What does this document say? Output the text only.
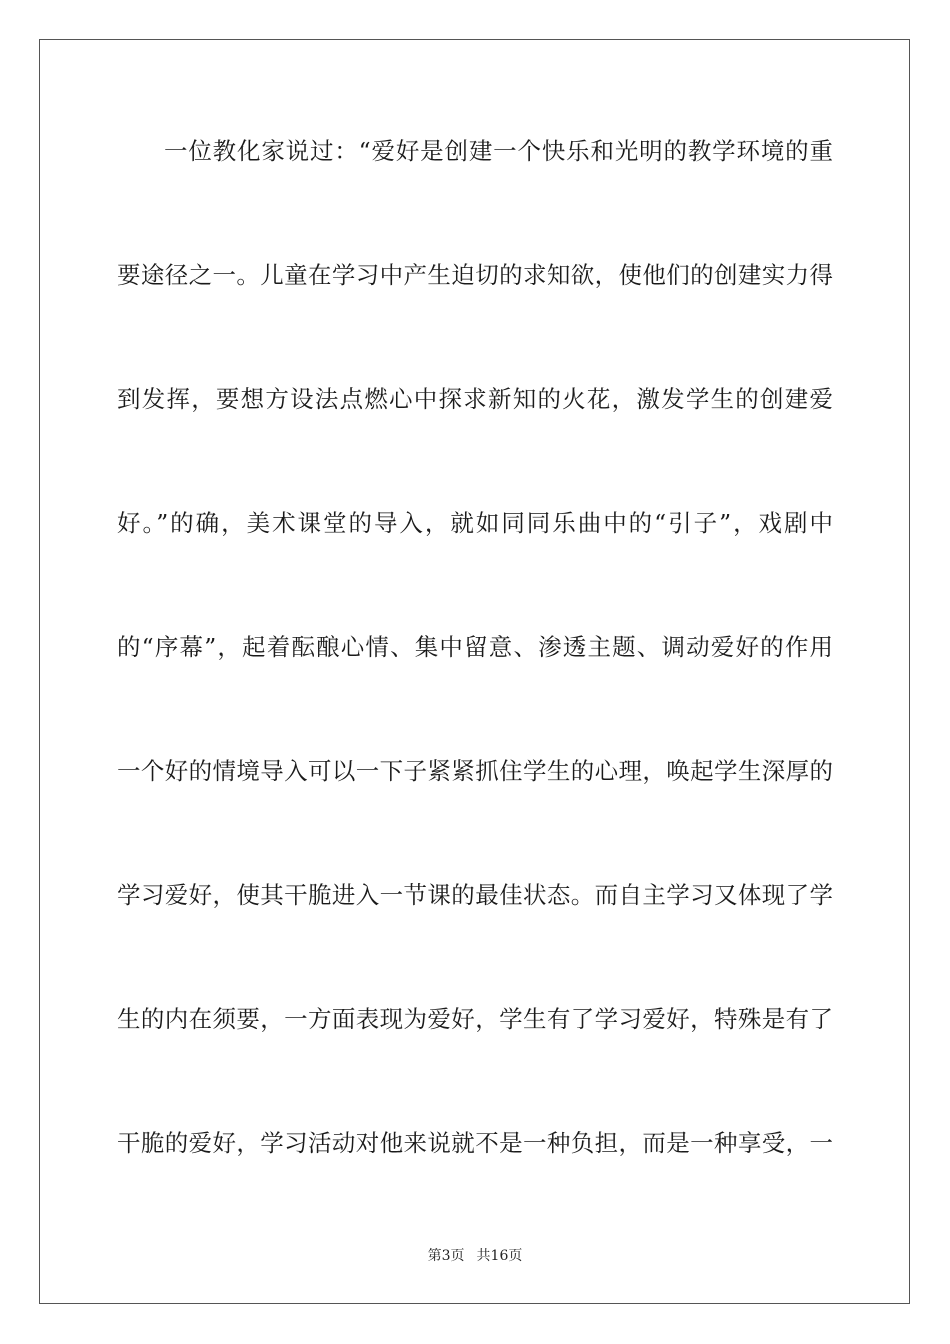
一位教化家说过：“爱好是创建一个快乐和光明的教学环境的重
要途径之一。儿童在学习中产生迫切的求知欲，使他们的创建实力得
到发挥，要想方设法点燃心中探求新知的火花，激发学生的创建爱
好。”的确，美术课堂的导入，就如同同乐曲中的“引子”，戏剧中
的“序幕”，起着酝酿心情、集中留意、渗透主题、调动爱好的作用
一个好的情境导入可以一下子紧紧抓住学生的心理，唤起学生深厚的
学习爱好，使其干脆进入一节课的最佳状态。而自主学习又体现了学
生的内在须要，一方面表现为爱好，学生有了学习爱好，特殊是有了
干脆的爱好，学习活动对他来说就不是一种负担，而是一种享受，一
第3页 共16页
